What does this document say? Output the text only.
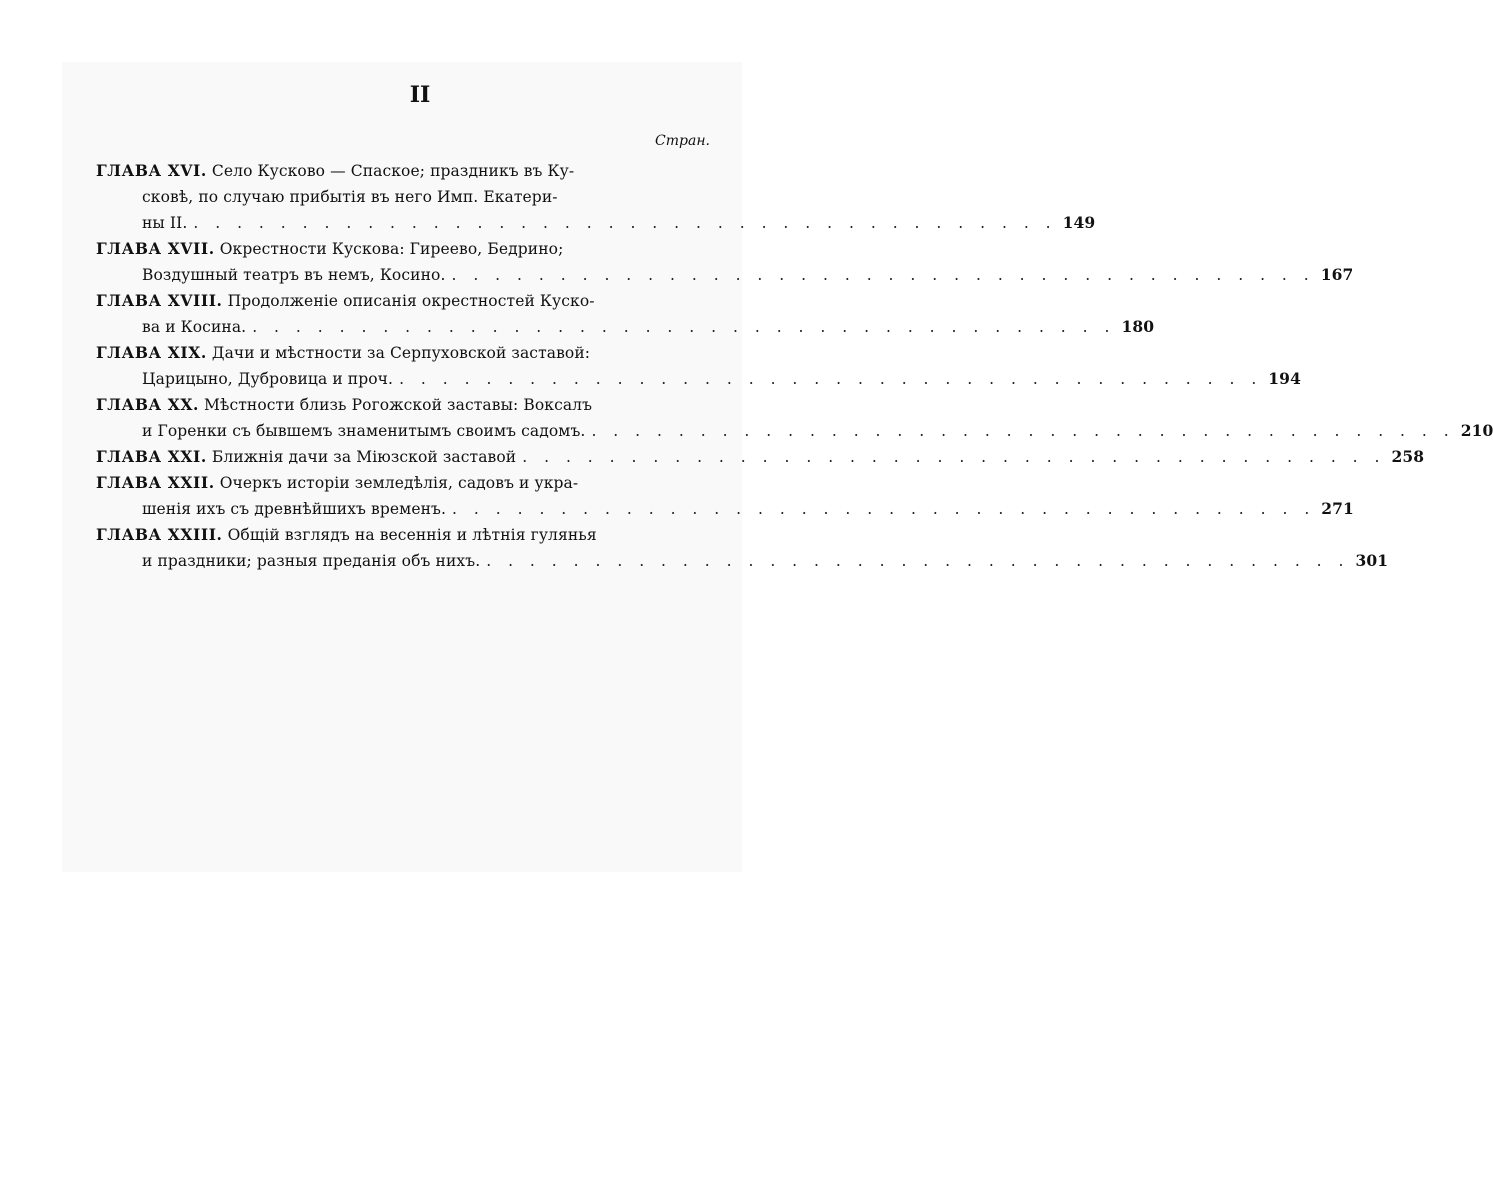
II
Стран.
ГЛАВА XVI. Село Кусково — Спаское; праздникъ въ Ку-
сковѣ, по случаю прибытія въ него Имп. Екатери-
ны II. . . . . . . . . . . . . . . . . . . . . . . . . . . . . . . . . . . . . . . . . 149
ГЛАВА XVII. Окрестности Кускова: Гиреево, Бедрино;
Воздушный театръ въ немъ, Косино. . . . . . . . . . . . . . . . . . . . . . . . . . . . . . . . . . . . . . . . . 167
ГЛАВА XVIII. Продолженіе описанія окрестностей Куско-
ва и Косина. . . . . . . . . . . . . . . . . . . . . . . . . . . . . . . . . . . . . . . . . 180
ГЛАВА XIX. Дачи и мѣстности за Серпуховской заставой:
Царицыно, Дубровица и проч. . . . . . . . . . . . . . . . . . . . . . . . . . . . . . . . . . . . . . . . . 194
ГЛАВА XX. Мѣстности близь Рогожской заставы: Воксалъ
и Горенки съ бывшемъ знаменитымъ своимъ садомъ. . . . . . . . . . . . . . . . . . . . . . . . . . . . . . . . . . . . . . . . . 210
ГЛАВА XXI. Ближнія дачи за Міюзской заставой . . . . . . . . . . . . . . . . . . . . . . . . . . . . . . . . . . . . . . . . 258
ГЛАВА XXII. Очеркъ исторіи земледѣлія, садовъ и укра-
шенія ихъ съ древнѣйшихъ временъ. . . . . . . . . . . . . . . . . . . . . . . . . . . . . . . . . . . . . . . . . 271
ГЛАВА XXIII. Общій взглядъ на весеннія и лѣтнія гулянья
и праздники; разныя преданія объ нихъ. . . . . . . . . . . . . . . . . . . . . . . . . . . . . . . . . . . . . . . . . 301
